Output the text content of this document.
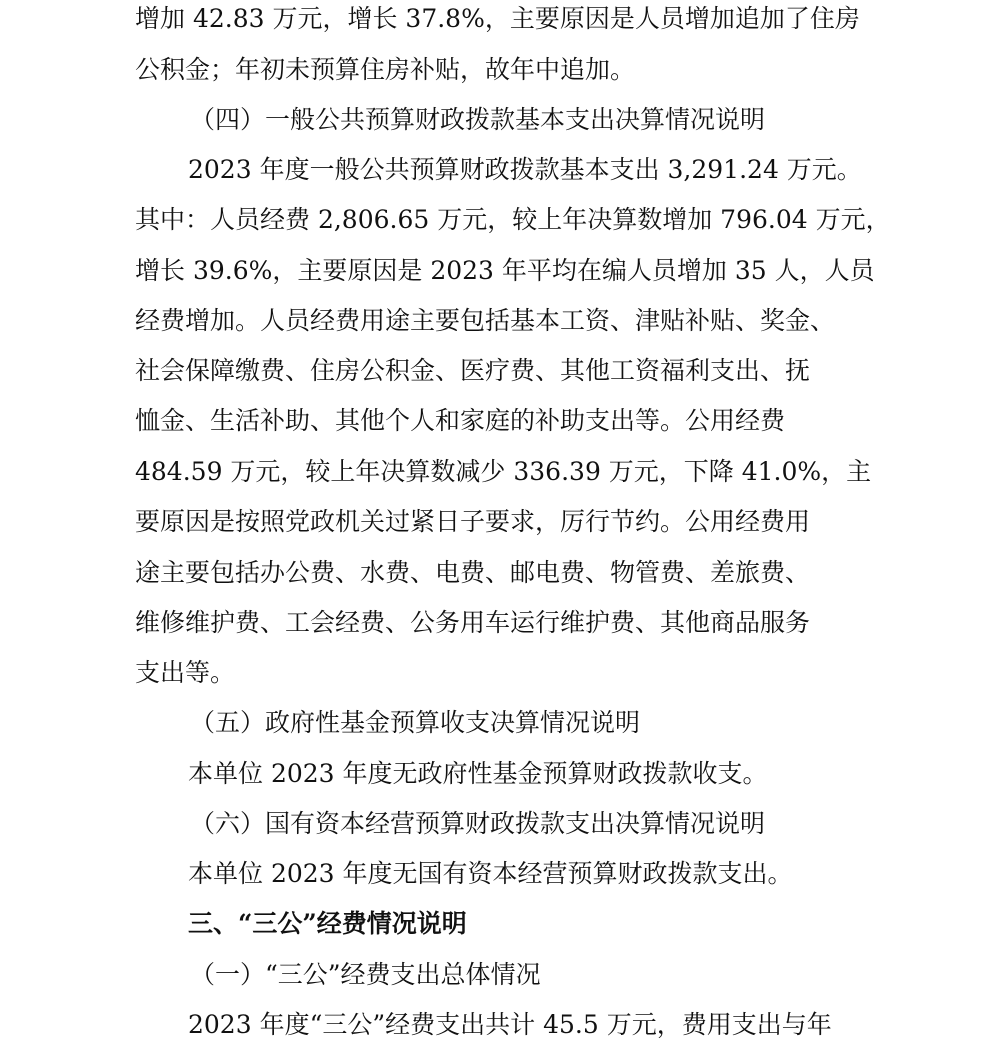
增加 42.83 万元，增长 37.8%，主要原因是人员增加追加了住房
公积金；年初未预算住房补贴，故年中追加。
（四）一般公共预算财政拨款基本支出决算情况说明
2023 年度一般公共预算财政拨款基本支出 3,291.24 万元。
其中：人员经费 2,806.65 万元，较上年决算数增加 796.04 万元，
增长 39.6%，主要原因是 2023 年平均在编人员增加 35 人，人员
经费增加。人员经费用途主要包括基本工资、津贴补贴、奖金、
社会保障缴费、住房公积金、医疗费、其他工资福利支出、抚
恤金、生活补助、其他个人和家庭的补助支出等。公用经费
484.59 万元，较上年决算数减少 336.39 万元，下降 41.0%，主
要原因是按照党政机关过紧日子要求，厉行节约。公用经费用
途主要包括办公费、水费、电费、邮电费、物管费、差旅费、
维修维护费、工会经费、公务用车运行维护费、其他商品服务
支出等。
（五）政府性基金预算收支决算情况说明
本单位 2023 年度无政府性基金预算财政拨款收支。
（六）国有资本经营预算财政拨款支出决算情况说明
本单位 2023 年度无国有资本经营预算财政拨款支出。
三、“三公”经费情况说明
（一）“三公”经费支出总体情况
2023 年度“三公”经费支出共计 45.5 万元，费用支出与年
